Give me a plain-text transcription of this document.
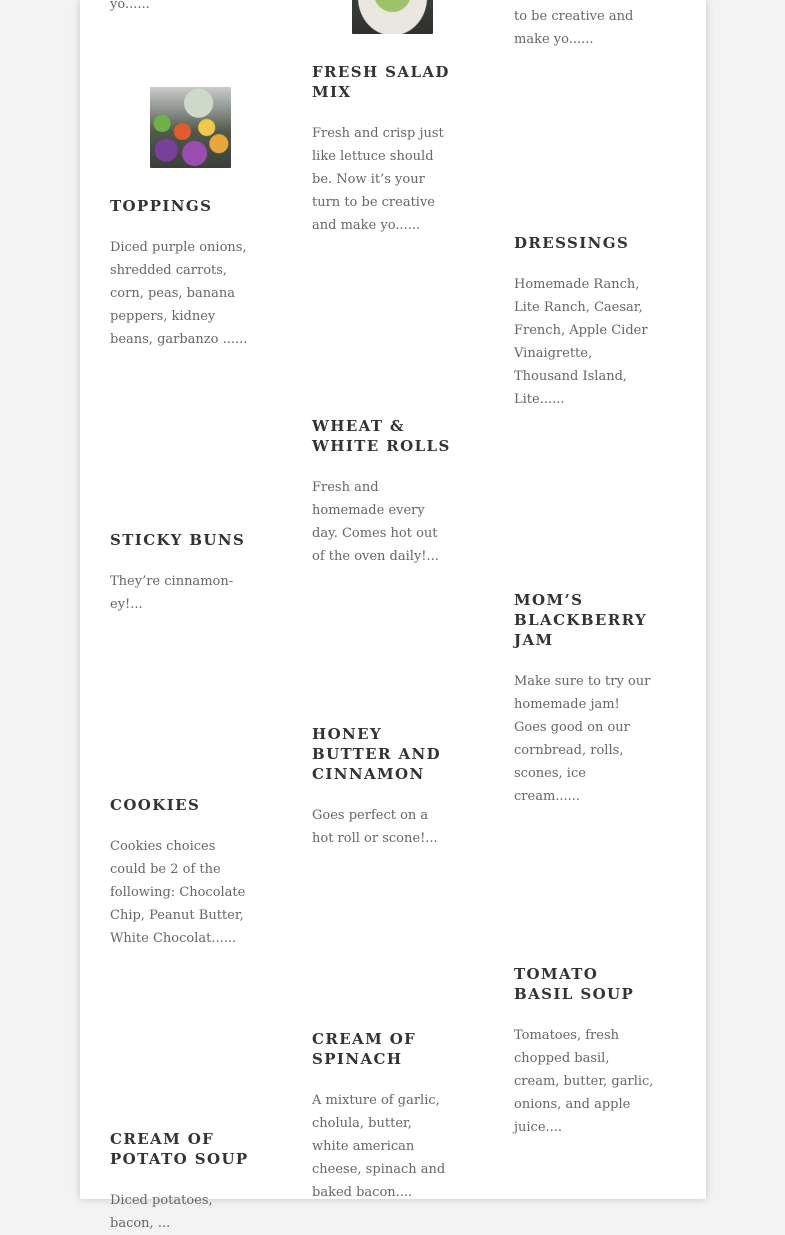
yo......

TOPPINGS

Diced purple onions, shredded carrots, corn, peas, banana peppers, kidney beans, garbanzo ......

STICKY BUNS

They’re cinnamon-ey!...

COOKIES

Cookies choices could be 2 of the following: Chocolate Chip, Peanut Butter, White Chocolat......

CREAM OF POTATO SOUP

Diced potatoes, bacon, ...

FRESH SALAD MIX

Fresh and crisp just like lettuce should be. Now it’s your turn to be creative and make yo......

WHEAT & WHITE ROLLS

Fresh and homemade every day. Comes hot out of the oven daily!...

HONEY BUTTER AND CINNAMON

Goes perfect on a hot roll or scone!...

CREAM OF SPINACH

A mixture of garlic, cholula, butter, white american cheese, spinach and baked bacon....

to be creative and make yo......

DRESSINGS

Homemade Ranch, Lite Ranch, Caesar, French, Apple Cider Vinaigrette, Thousand Island, Lite......

MOM’S BLACKBERRY JAM

Make sure to try our homemade jam! Goes good on our cornbread, rolls, scones, ice cream......

TOMATO BASIL SOUP

Tomatoes, fresh chopped basil, cream, butter, garlic, onions, and apple juice....
